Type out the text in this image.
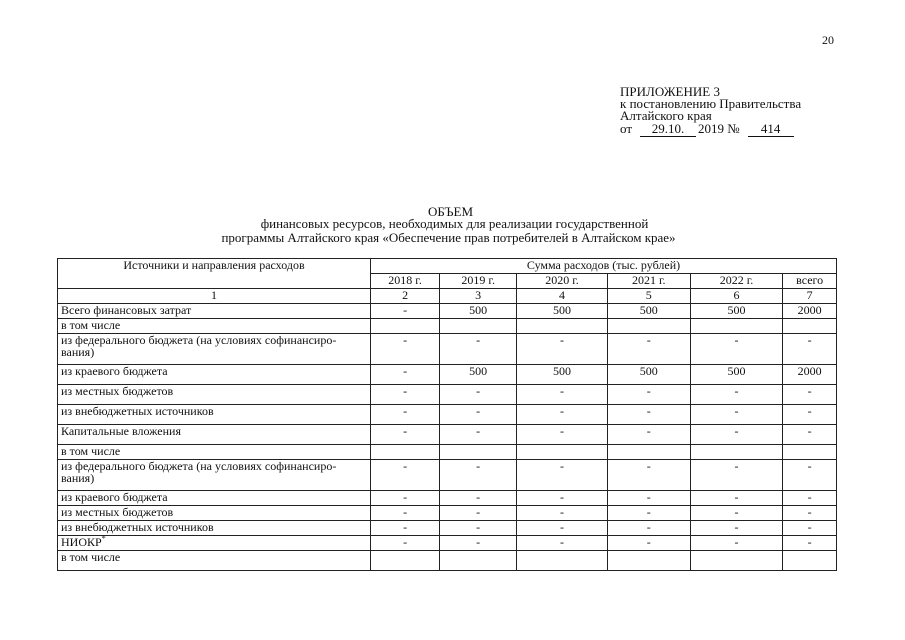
20
ПРИЛОЖЕНИЕ 3
к постановлению Правительства
Алтайского края
от 29.10. 2019 № 414
ОБЪЕМ
финансовых ресурсов, необходимых для реализации государственной
программы Алтайского края «Обеспечение прав потребителей в Алтайском крае»
Источники и направления расходов	Сумма расходов (тыс. рублей)					
	2018 г.	2019 г.	2020 г.	2021 г.	2022 г.	всего
1	2	3	4	5	6	7
Всего финансовых затрат	-	500	500	500	500	2000
в том числе						
из федерального бюджета (на условиях софинансиро-вания)	-	-	-	-	-	-
из краевого бюджета	-	500	500	500	500	2000
из местных бюджетов	-	-	-	-	-	-
из внебюджетных источников	-	-	-	-	-	-
Капитальные вложения	-	-	-	-	-	-
в том числе						
из федерального бюджета (на условиях софинансиро-вания)	-	-	-	-	-	-
из краевого бюджета	-	-	-	-	-	-
из местных бюджетов	-	-	-	-	-	-
из внебюджетных источников	-	-	-	-	-	-
НИОКР*	-	-	-	-	-	-
в том числе						
